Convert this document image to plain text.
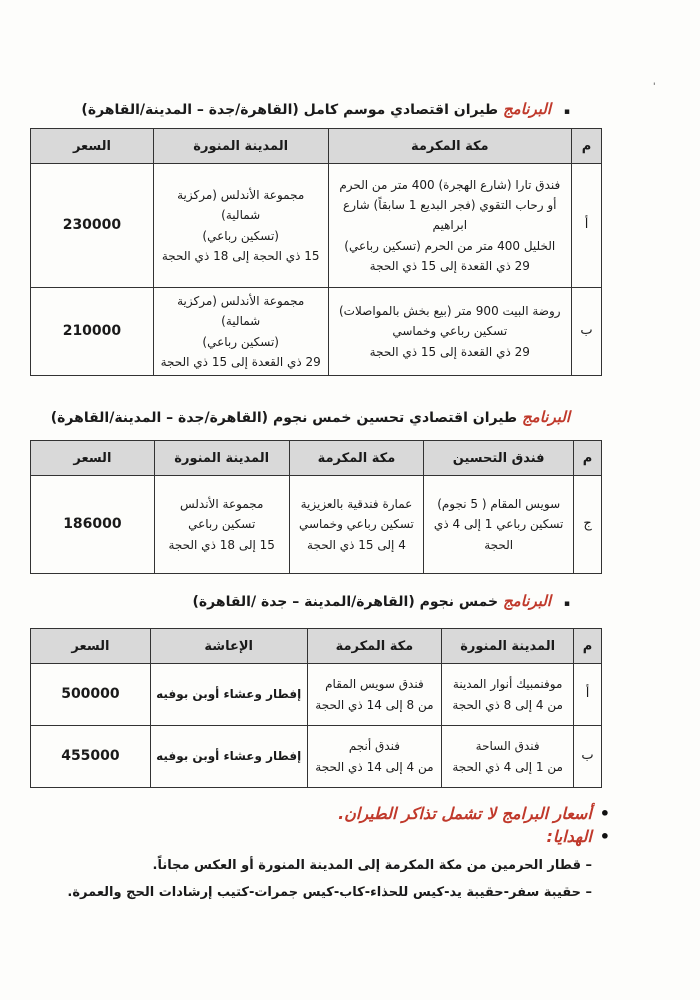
'
▪ البرنامج طيران اقتصادي موسم كامل (القاهرة/جدة – المدينة/القاهرة)
م	مكة المكرمة	المدينة المنورة	السعر
أ	فندق تارا (شارع الهجرة) 400 متر من الحرم
أو رحاب التقوي (فجر البديع 1 سابقاً) شارع ابراهيم
الخليل 400 متر من الحرم (تسكين رباعي)
29 ذي القعدة إلى 15 ذي الحجة	مجموعة الأندلس (مركزية شمالية)
(تسكين رباعي)
15 ذي الحجة إلى 18 ذي الحجة	230000
ب	روضة البيت 900 متر (بيع بخش بالمواصلات)
تسكين رباعي وخماسي
29 ذي القعدة إلى 15 ذي الحجة	مجموعة الأندلس (مركزية شمالية)
(تسكين رباعي)
29 ذي القعدة إلى 15 ذي الحجة	210000
البرنامج طيران اقتصادي تحسين خمس نجوم (القاهرة/جدة – المدينة/القاهرة)
م	فندق التحسين	مكة المكرمة	المدينة المنورة	السعر
ج	سويس المقام ( 5 نجوم)
تسكين رباعي 1 إلى 4 ذي الحجة	عمارة فندقية بالعزيزية
تسكين رباعي وخماسي
4 إلى 15 ذي الحجة	مجموعة الأندلس
تسكين رباعي
15 إلى 18 ذي الحجة	186000
▪ البرنامج خمس نجوم (القاهرة/المدينة – جدة /القاهرة)
م	المدينة المنورة	مكة المكرمة	الإعاشة	السعر
أ	موفنمبيك أنوار المدينة
من 4 إلى 8 ذي الحجة	فندق سويس المقام
من 8 إلى 14 ذي الحجة	إفطار وعشاء أوبن بوفيه	500000
ب	فندق الساحة
من 1 إلى 4 ذي الحجة	فندق أنجم
من 4 إلى 14 ذي الحجة	إفطار وعشاء أوبن بوفيه	455000
•أسعار البرامج لا تشمل تذاكر الطيران.
•الهدايا:
– قطار الحرمين من مكة المكرمة إلى المدينة المنورة أو العكس مجاناً.
– حقيبة سفر-حقيبة يد-كيس للحذاء-كاب-كيس جمرات-كتيب إرشادات الحج والعمرة.
